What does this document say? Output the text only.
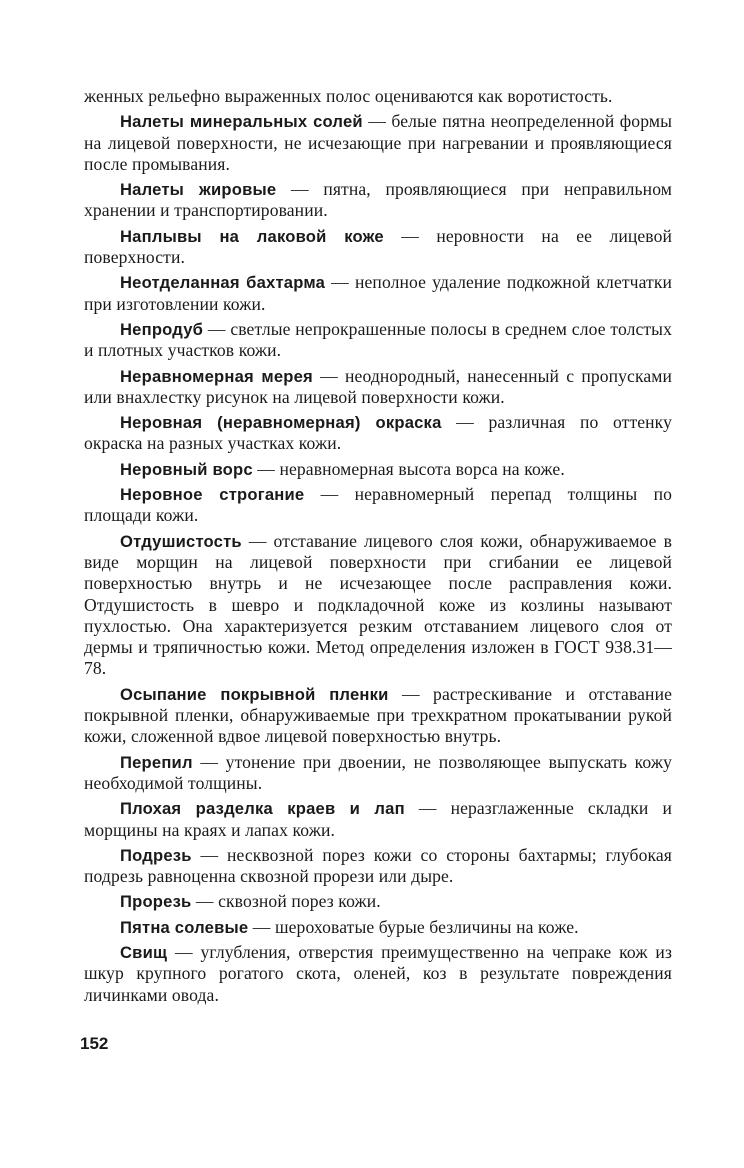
женных рельефно выраженных полос оцениваются как воротистость.

Налеты минеральных солей — белые пятна неопределенной формы на лицевой поверхности, не исчезающие при нагревании и проявляющиеся после промывания.

Налеты жировые — пятна, проявляющиеся при неправильном хранении и транспортировании.

Наплывы на лаковой коже — неровности на ее лицевой поверхности.

Неотделанная бахтарма — неполное удаление подкожной клетчатки при изготовлении кожи.

Непродуб — светлые непрокрашенные полосы в среднем слое толстых и плотных участков кожи.

Неравномерная мерея — неоднородный, нанесенный с пропусками или внахлестку рисунок на лицевой поверхности кожи.

Неровная (неравномерная) окраска — различная по оттенку окраска на разных участках кожи.

Неровный ворс — неравномерная высота ворса на коже.

Неровное строгание — неравномерный перепад толщины по площади кожи.

Отдушистость — отставание лицевого слоя кожи, обнаруживаемое в виде морщин на лицевой поверхности при сгибании ее лицевой поверхностью внутрь и не исчезающее после расправления кожи. Отдушистость в шевро и подкладочной коже из козлины называют пухлостью. Она характеризуется резким отставанием лицевого слоя от дермы и тряпичностью кожи. Метод определения изложен в ГОСТ 938.31—78.

Осыпание покрывной пленки — растрескивание и отставание покрывной пленки, обнаруживаемые при трехкратном прокатывании рукой кожи, сложенной вдвое лицевой поверхностью внутрь.

Перепил — утонение при двоении, не позволяющее выпускать кожу необходимой толщины.

Плохая разделка краев и лап — неразглаженные складки и морщины на краях и лапах кожи.

Подрезь — несквозной порез кожи со стороны бахтармы; глубокая подрезь равноценна сквозной прорези или дыре.

Прорезь — сквозной порез кожи.

Пятна солевые — шероховатые бурые безличины на коже.

Свищ — углубления, отверстия преимущественно на чепраке кож из шкур крупного рогатого скота, оленей, коз в результате повреждения личинками овода.

152
